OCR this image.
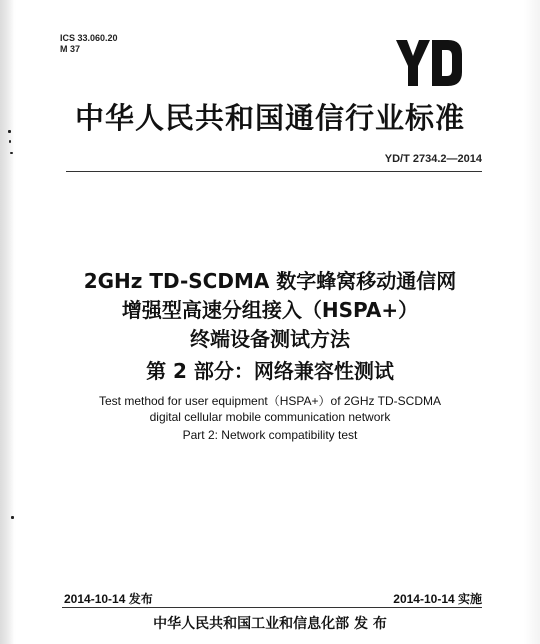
ICS 33.060.20
M 37
中华人民共和国通信行业标准
YD/T 2734.2—2014
2GHz TD-SCDMA 数字蜂窝移动通信网
增强型高速分组接入（HSPA+）
终端设备测试方法
第 2 部分：网络兼容性测试
Test method for user equipment（HSPA+）of 2GHz TD-SCDMA
digital cellular mobile communication network
Part 2: Network compatibility test
2014-10-14 发布	2014-10-14 实施
中华人民共和国工业和信息化部 发 布
